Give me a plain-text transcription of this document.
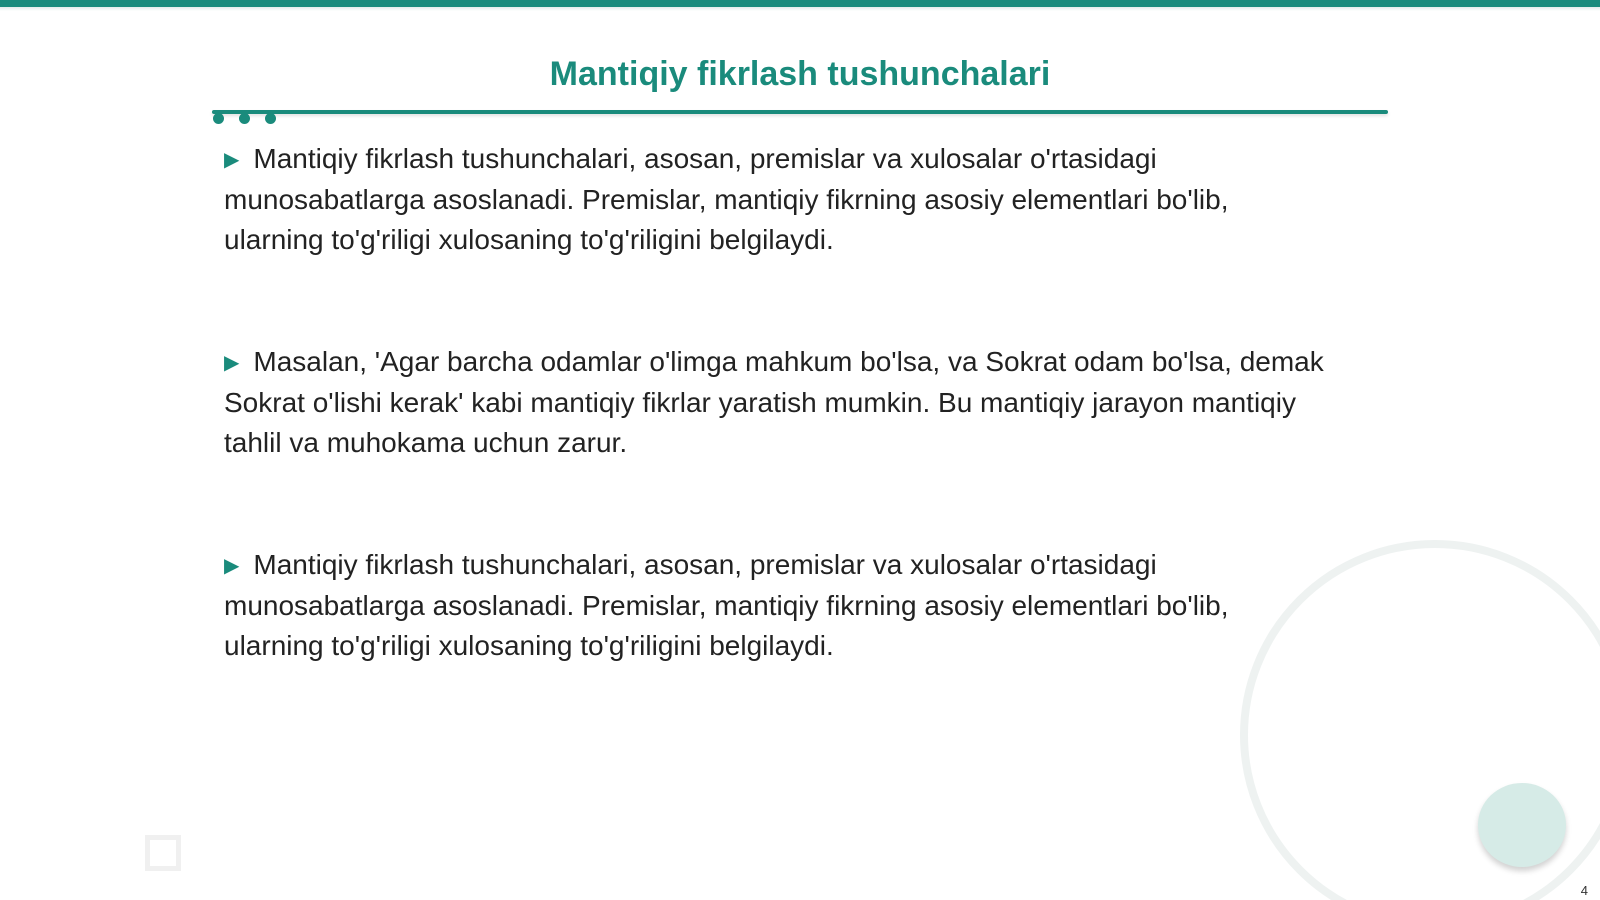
Mantiqiy fikrlash tushunchalari

▶ Mantiqiy fikrlash tushunchalari, asosan, premislar va xulosalar o'rtasidagi munosabatlarga asoslanadi. Premislar, mantiqiy fikrning asosiy elementlari bo'lib, ularning to'g'riligi xulosaning to'g'riligini belgilaydi.

▶ Masalan, 'Agar barcha odamlar o'limga mahkum bo'lsa, va Sokrat odam bo'lsa, demak Sokrat o'lishi kerak' kabi mantiqiy fikrlar yaratish mumkin. Bu mantiqiy jarayon mantiqiy tahlil va muhokama uchun zarur.

▶ Mantiqiy fikrlash tushunchalari, asosan, premislar va xulosalar o'rtasidagi munosabatlarga asoslanadi. Premislar, mantiqiy fikrning asosiy elementlari bo'lib, ularning to'g'riligi xulosaning to'g'riligini belgilaydi.

4
